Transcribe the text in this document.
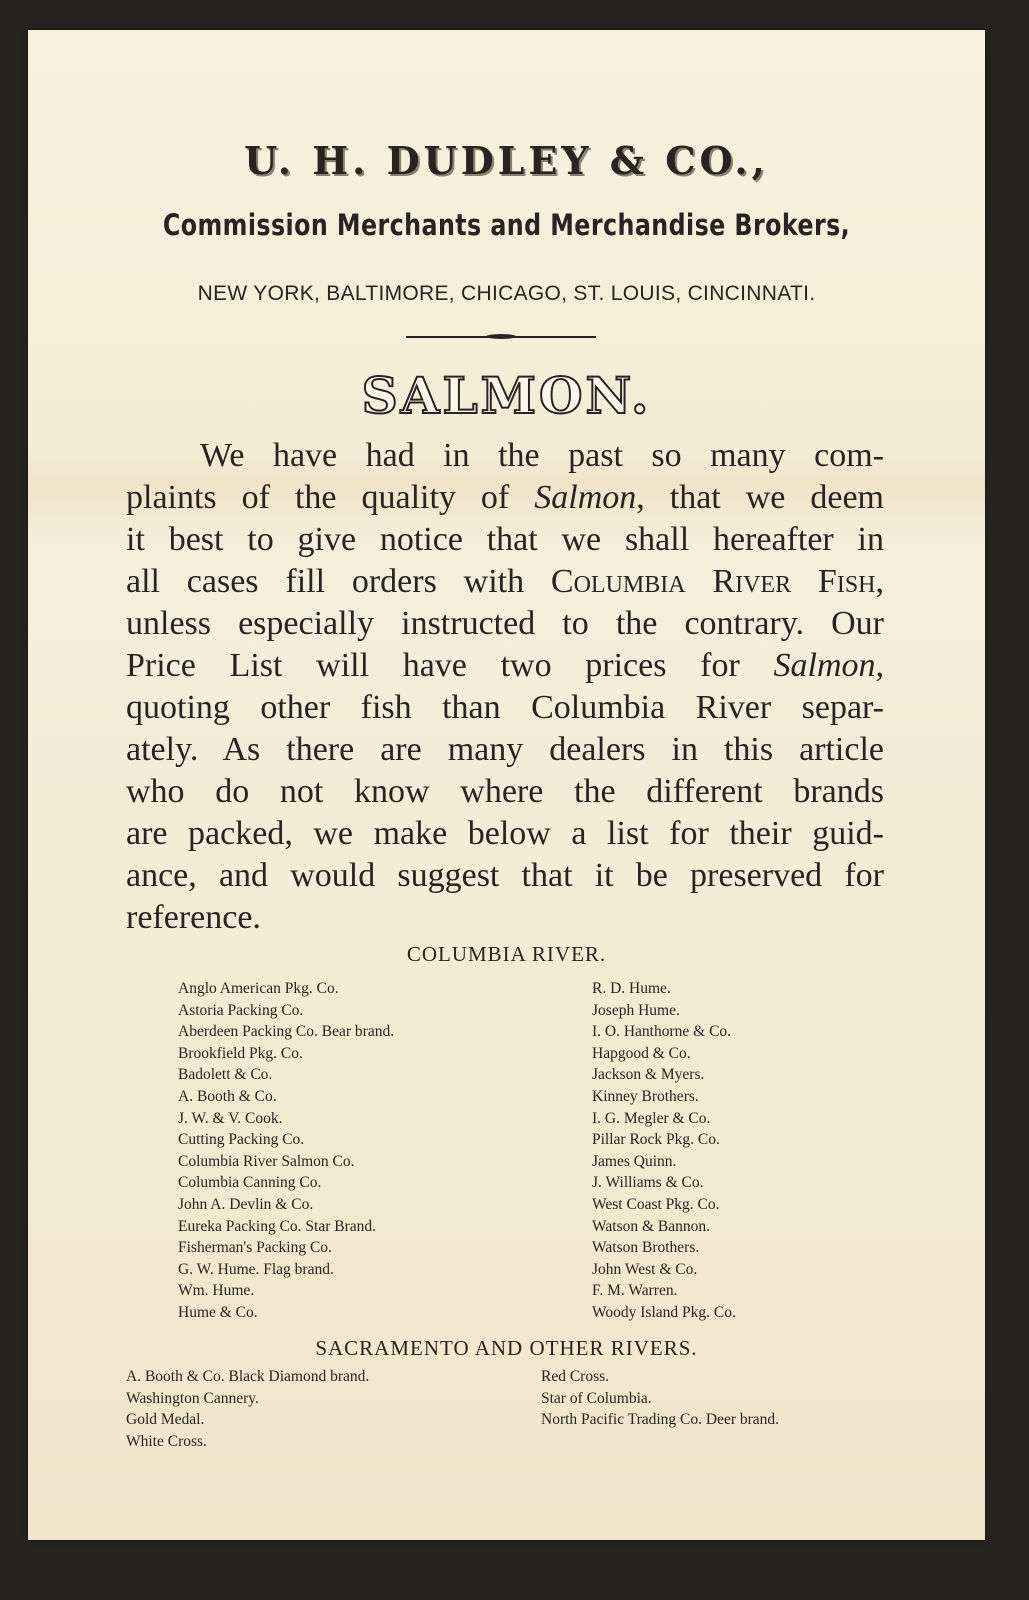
U. H. DUDLEY & CO.,
Commission Merchants and Merchandise Brokers,
NEW YORK, BALTIMORE, CHICAGO, ST. LOUIS, CINCINNATI.
SALMON.
We have had in the past so many com-
plaints of the quality of Salmon, that we deem
it best to give notice that we shall hereafter in
all cases fill orders with Columbia River Fish,
unless especially instructed to the contrary. Our
Price List will have two prices for Salmon,
quoting other fish than Columbia River separ-
ately. As there are many dealers in this article
who do not know where the different brands
are packed, we make below a list for their guid-
ance, and would suggest that it be preserved for
reference.
COLUMBIA RIVER.
Anglo American Pkg. Co.
Astoria Packing Co.
Aberdeen Packing Co. Bear brand.
Brookfield Pkg. Co.
Badolett & Co.
A. Booth & Co.
J. W. & V. Cook.
Cutting Packing Co.
Columbia River Salmon Co.
Columbia Canning Co.
John A. Devlin & Co.
Eureka Packing Co. Star Brand.
Fisherman's Packing Co.
G. W. Hume. Flag brand.
Wm. Hume.
Hume & Co.
R. D. Hume.
Joseph Hume.
I. O. Hanthorne & Co.
Hapgood & Co.
Jackson & Myers.
Kinney Brothers.
I. G. Megler & Co.
Pillar Rock Pkg. Co.
James Quinn.
J. Williams & Co.
West Coast Pkg. Co.
Watson & Bannon.
Watson Brothers.
John West & Co.
F. M. Warren.
Woody Island Pkg. Co.
SACRAMENTO AND OTHER RIVERS.
A. Booth & Co. Black Diamond brand.
Washington Cannery.
Gold Medal.
White Cross.
Red Cross.
Star of Columbia.
North Pacific Trading Co. Deer brand.
